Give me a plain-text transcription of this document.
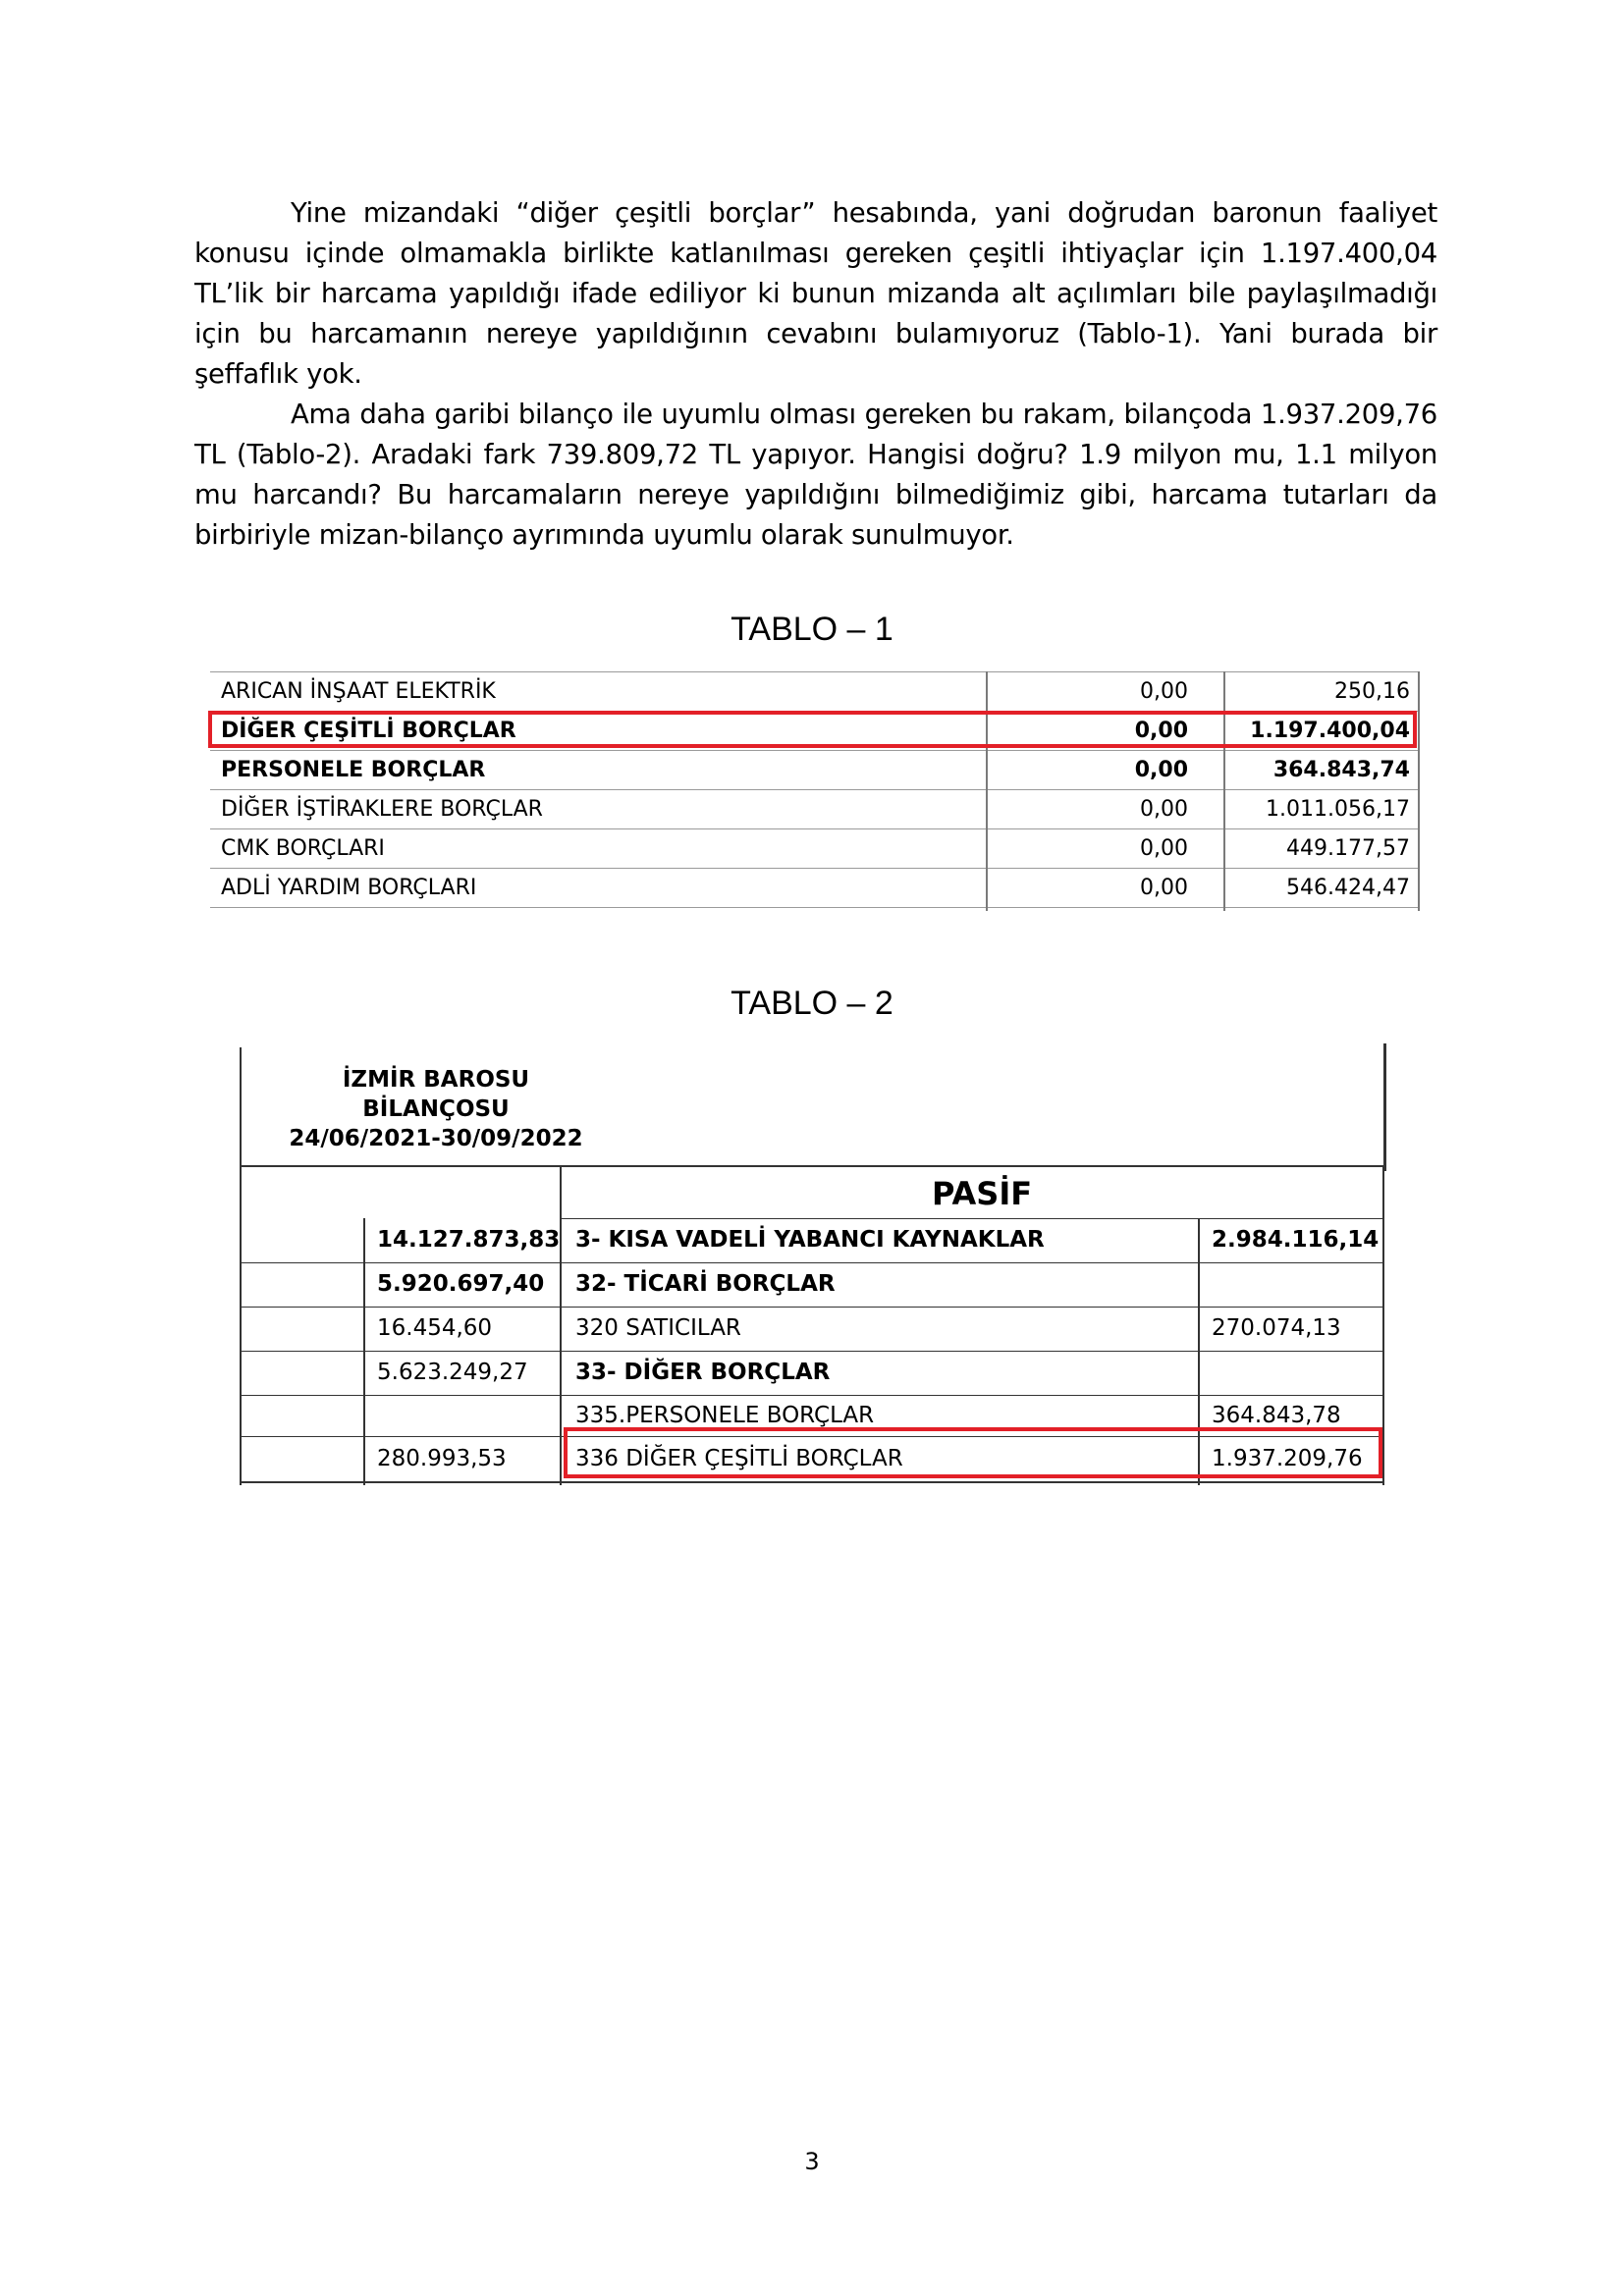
Yine mizandaki “diğer çeşitli borçlar” hesabında, yani doğrudan baronun faaliyet konusu içinde olmamakla birlikte katlanılması gereken çeşitli ihtiyaçlar için 1.197.400,04 TL’lik bir harcama yapıldığı ifade ediliyor ki bunun mizanda alt açılımları bile paylaşılmadığı için bu harcamanın nereye yapıldığının cevabını bulamıyoruz (Tablo-1). Yani burada bir şeffaflık yok.
Ama daha garibi bilanço ile uyumlu olması gereken bu rakam, bilançoda 1.937.209,76 TL (Tablo-2). Aradaki fark 739.809,72 TL yapıyor. Hangisi doğru? 1.9 milyon mu, 1.1 milyon mu harcandı? Bu harcamaların nereye yapıldığını bilmediğimiz gibi, harcama tutarları da birbiriyle mizan-bilanço ayrımında uyumlu olarak sunulmuyor.
TABLO – 1
ARICAN İNŞAAT ELEKTRİK	0,00	250,16
DİĞER ÇEŞİTLİ BORÇLAR	0,00	1.197.400,04
PERSONELE BORÇLAR	0,00	364.843,74
DİĞER İŞTİRAKLERE BORÇLAR	0,00	1.011.056,17
CMK BORÇLARI	0,00	449.177,57
ADLİ YARDIM BORÇLARI	0,00	546.424,47
TABLO – 2
İZMİR BAROSU
BİLANÇOSU
24/06/2021-30/09/2022
PASİF
14.127.873,83 3- KISA VADELİ YABANCI KAYNAKLAR	2.984.116,14
5.920.697,40 32- TİCARİ BORÇLAR
16.454,60	320 SATICILAR	270.074,13
5.623.249,27 33- DİĞER BORÇLAR
335.PERSONELE BORÇLAR	364.843,78
280.993,53	336 DİĞER ÇEŞİTLİ BORÇLAR	1.937.209,76
3
